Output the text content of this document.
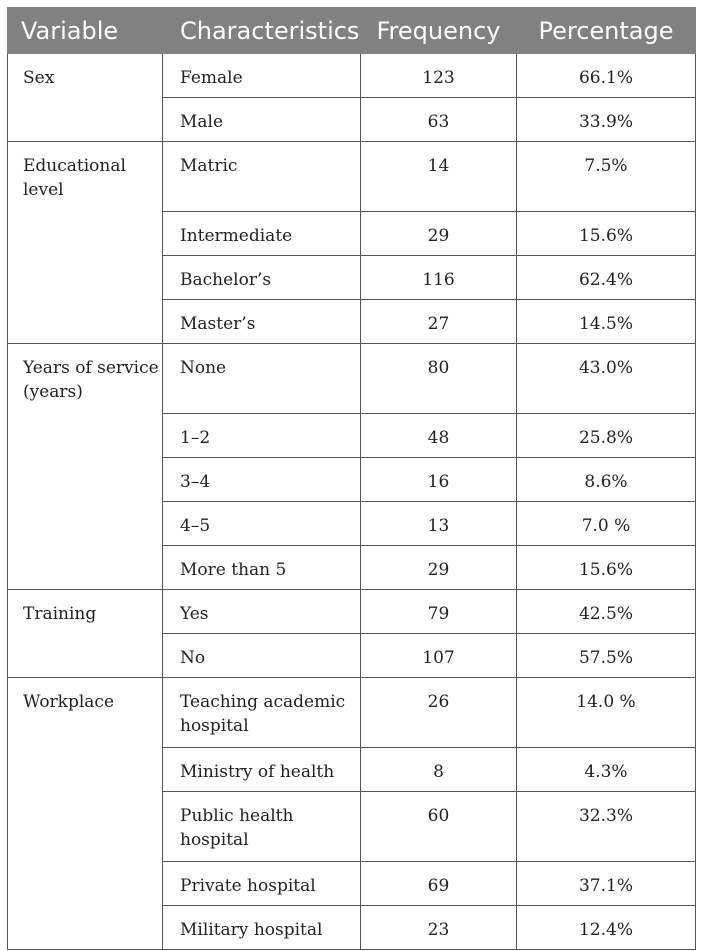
Variable	Characteristics	Frequency	Percentage
Sex	Female	123	66.1%
	Male	63	33.9%
Educational level	Matric	14	7.5%
	Intermediate	29	15.6%
	Bachelor’s	116	62.4%
	Master’s	27	14.5%
Years of service (years)	None	80	43.0%
	1–2	48	25.8%
	3–4	16	8.6%
	4–5	13	7.0 %
	More than 5	29	15.6%
Training	Yes	79	42.5%
	No	107	57.5%
Workplace	Teaching academic hospital	26	14.0 %
	Ministry of health	8	4.3%
	Public health hospital	60	32.3%
	Private hospital	69	37.1%
	Military hospital	23	12.4%
